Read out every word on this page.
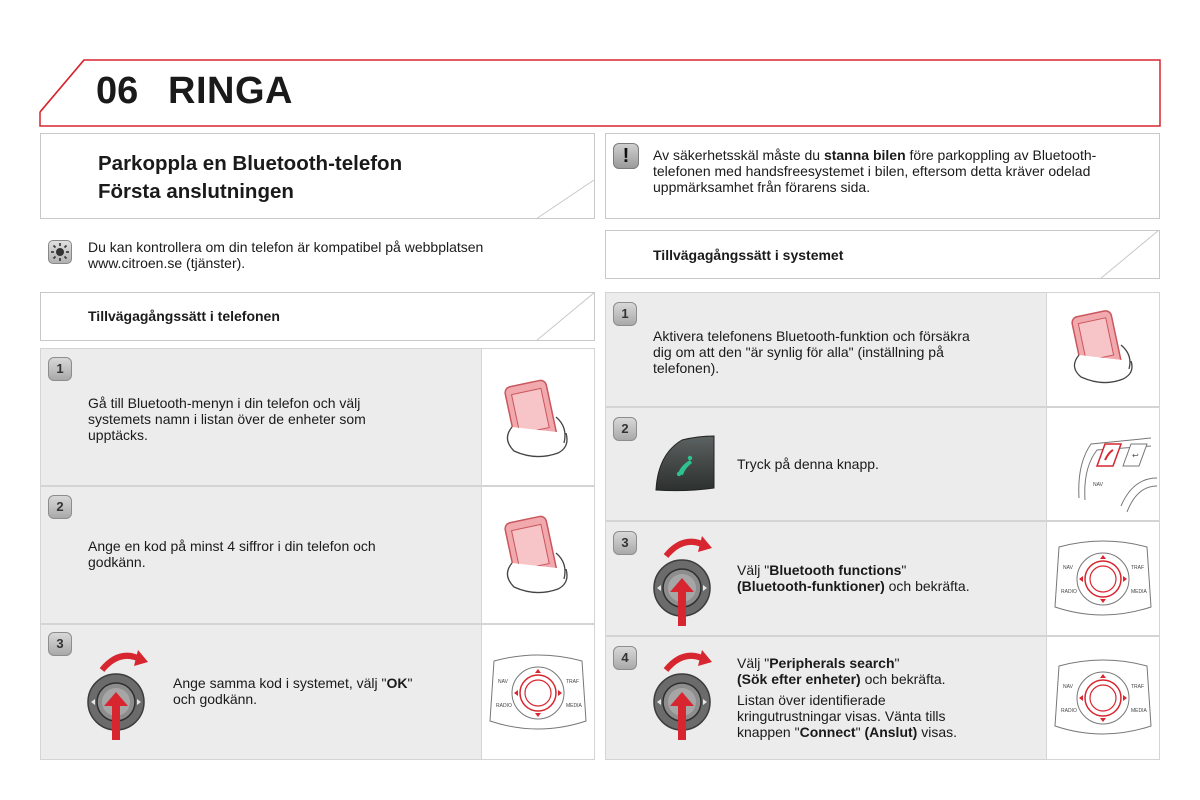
06 RINGA
Parkoppla en Bluetooth-telefon
Första anslutningen
!	Av säkerhetsskäl måste du stanna bilen före parkoppling av Bluetooth-telefonen med handsfreesystemet i bilen, eftersom detta kräver odelad uppmärksamhet från förarens sida.
Du kan kontrollera om din telefon är kompatibel på webbplatsen
www.citroen.se (tjänster).	Tillvägagångssätt i systemet
Tillvägagångssätt i telefonen
1
Gå till Bluetooth-menyn i din telefon och välj
systemets namn i listan över de enheter som
upptäcks.
2
Ange en kod på minst 4 siffror i din telefon och
godkänn.
NAV	TRAF
RADIO	MEDIA
3
Ange samma kod i systemet, välj "OK"
och godkänn.
1
Aktivera telefonens Bluetooth-funktion och försäkra
dig om att den "är synlig för alla" (inställning på
telefonen).
↩
NAV
2
Tryck på denna knapp.
NAV	TRAF
RADIO	MEDIA
3
Välj "Bluetooth functions"
(Bluetooth-funktioner) och bekräfta.
NAV	TRAF
RADIO	MEDIA
4	Välj "Peripherals search"
(Sök efter enheter) och bekräfta.
Listan över identifierade
kringutrustningar visas. Vänta tills
knappen "Connect" (Anslut) visas.
